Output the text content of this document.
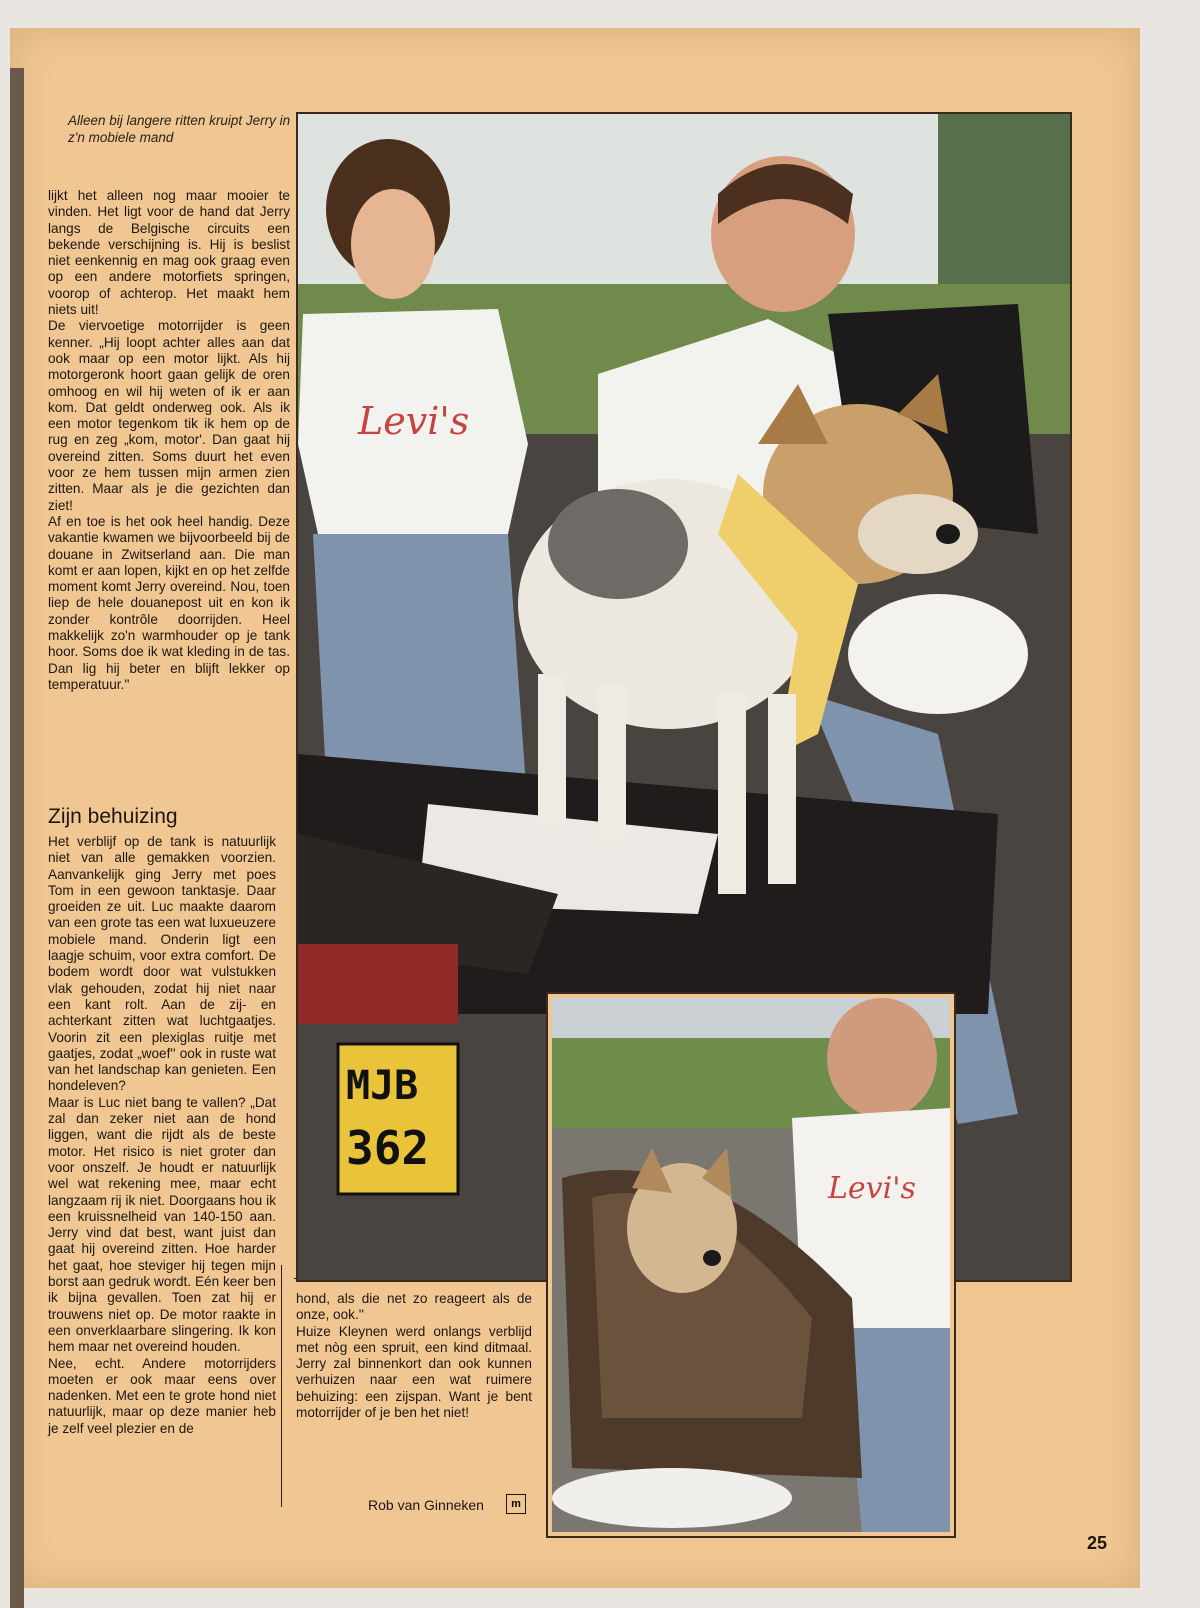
Alleen bij langere ritten kruipt Jerry in z'n mobiele mand

lijkt het alleen nog maar mooier te vinden. Het ligt voor de hand dat Jerry langs de Belgische circuits een bekende verschijning is. Hij is beslist niet eenkennig en mag ook graag even op een andere motorfiets springen, voorop of achterop. Het maakt hem niets uit!

De viervoetige motorrijder is geen kenner. „Hij loopt achter alles aan dat ook maar op een motor lijkt. Als hij motorgeronk hoort gaan gelijk de oren omhoog en wil hij weten of ik er aan kom. Dat geldt onderweg ook. Als ik een motor tegenkom tik ik hem op de rug en zeg „kom, motor'. Dan gaat hij overeind zitten. Soms duurt het even voor ze hem tussen mijn armen zien zitten. Maar als je die gezichten dan ziet!

Af en toe is het ook heel handig. Deze vakantie kwamen we bijvoorbeeld bij de douane in Zwitserland aan. Die man komt er aan lopen, kijkt en op het zelfde moment komt Jerry overeind. Nou, toen liep de hele douanepost uit en kon ik zonder kontrôle doorrijden. Heel makkelijk zo'n warmhouder op je tank hoor. Soms doe ik wat kleding in de tas. Dan lig hij beter en blijft lekker op temperatuur.''

Zijn behuizing

Het verblijf op de tank is natuurlijk niet van alle gemakken voorzien. Aanvankelijk ging Jerry met poes Tom in een gewoon tanktasje. Daar groeiden ze uit. Luc maakte daarom van een grote tas een wat luxueuzere mobiele mand. Onderin ligt een laagje schuim, voor extra comfort. De bodem wordt door wat vulstukken vlak gehouden, zodat hij niet naar een kant rolt. Aan de zij- en achterkant zitten wat luchtgaatjes. Voorin zit een plexiglas ruitje met gaatjes, zodat „woef'' ook in ruste wat van het landschap kan genieten. Een hondeleven?

Maar is Luc niet bang te vallen? „Dat zal dan zeker niet aan de hond liggen, want die rijdt als de beste motor. Het risico is niet groter dan voor onszelf. Je houdt er natuurlijk wel wat rekening mee, maar echt langzaam rij ik niet. Doorgaans hou ik een kruissnelheid van 140-150 aan. Jerry vind dat best, want juist dan gaat hij overeind zitten. Hoe harder het gaat, hoe steviger hij tegen mijn borst aan gedruk wordt. Eén keer ben ik bijna gevallen. Toen zat hij er trouwens niet op. De motor raakte in een onverklaarbare slingering. Ik kon hem maar net overeind houden.

Nee, echt. Andere motorrijders moeten er ook maar eens over nadenken. Met een te grote hond niet natuurlijk, maar op deze manier heb je zelf veel plezier en de

hond, als die net zo reageert als de onze, ook.''

Huize Kleynen werd onlangs verblijd met nòg een spruit, een kind ditmaal. Jerry zal binnenkort dan ook kunnen verhuizen naar een wat ruimere behuizing: een zijspan. Want je bent motorrijder of je ben het niet!

Rob van Ginneken	m
25
Levi's
MJB
362
Levi's
